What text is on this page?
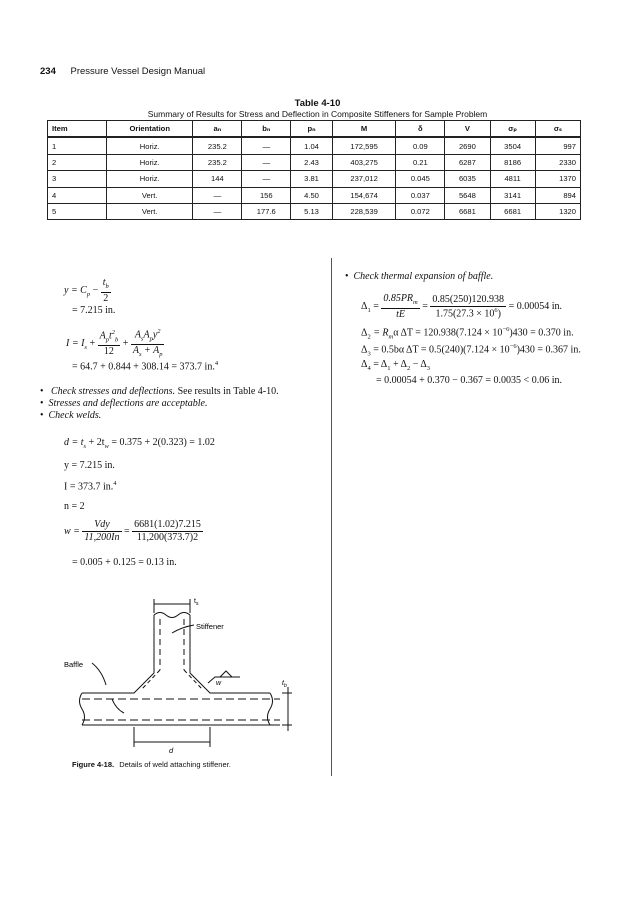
234 Pressure Vessel Design Manual
Table 4-10
Summary of Results for Stress and Deflection in Composite Stiffeners for Sample Problem
Item	Orientation	aₙ	bₙ	pₙ	M	δ	V	σₚ	σₛ
1	Horiz.	235.2	—	1.04	172,595	0.09	2690	3504	997
2	Horiz.	235.2	—	2.43	403,275	0.21	6287	8186	2330
3	Horiz.	144	—	3.81	237,012	0.045	6035	4811	1370
4	Vert.	—	156	4.50	154,674	0.037	5648	3141	894
5	Vert.	—	177.6	5.13	228,539	0.072	6681	6681	1320
$y = C_p - \frac{t_b}{2}$
= 7.215 in.
$I = I_s + \frac{A_pt^2_b}{12} + \frac{A_sA_py^2}{A_s + A_p}$
= 64.7 + 0.844 + 308.14 = 373.7 in.$^4$
• Check stresses and deflections. See results in Table 4-10.
• Stresses and deflections are acceptable.
• Check welds.
$d = t_s + 2t_w = 0.375 + 2(0.323) = 1.02$
y = 7.215 in.
I = 373.7 in.$^4$
n = 2
$w = \frac{\text{Vdy}}{11,200In} = \frac{6681(1.02)7.215}{11,200(373.7)2}$
= 0.005 + 0.125 = 0.13 in.
• Check thermal expansion of baffle.
$\Delta_1 = \frac{0.85PR_m}{tE} = \frac{0.85(250)120.938}{1.75(27.3 \times 10^6)} = 0.00054$ in.
$\Delta_2 = R_m\alpha$ $\Delta T = 120.938(7.124 \times 10^{-6})430 = 0.370$ in.
$\Delta_3 = 0.5b\alpha$ $\Delta T = 0.5(240)(7.124 \times 10^{-6})430 = 0.367$ in.
$\Delta_4 = \Delta_1 + \Delta_2 - \Delta_3$
= 0.00054 + 0.370 − 0.367 = 0.0035 < 0.06 in.
$t_s$
Stiffener
Baffle
w	$t_b$
d
Figure 4-18. Details of weld attaching stiffener.
